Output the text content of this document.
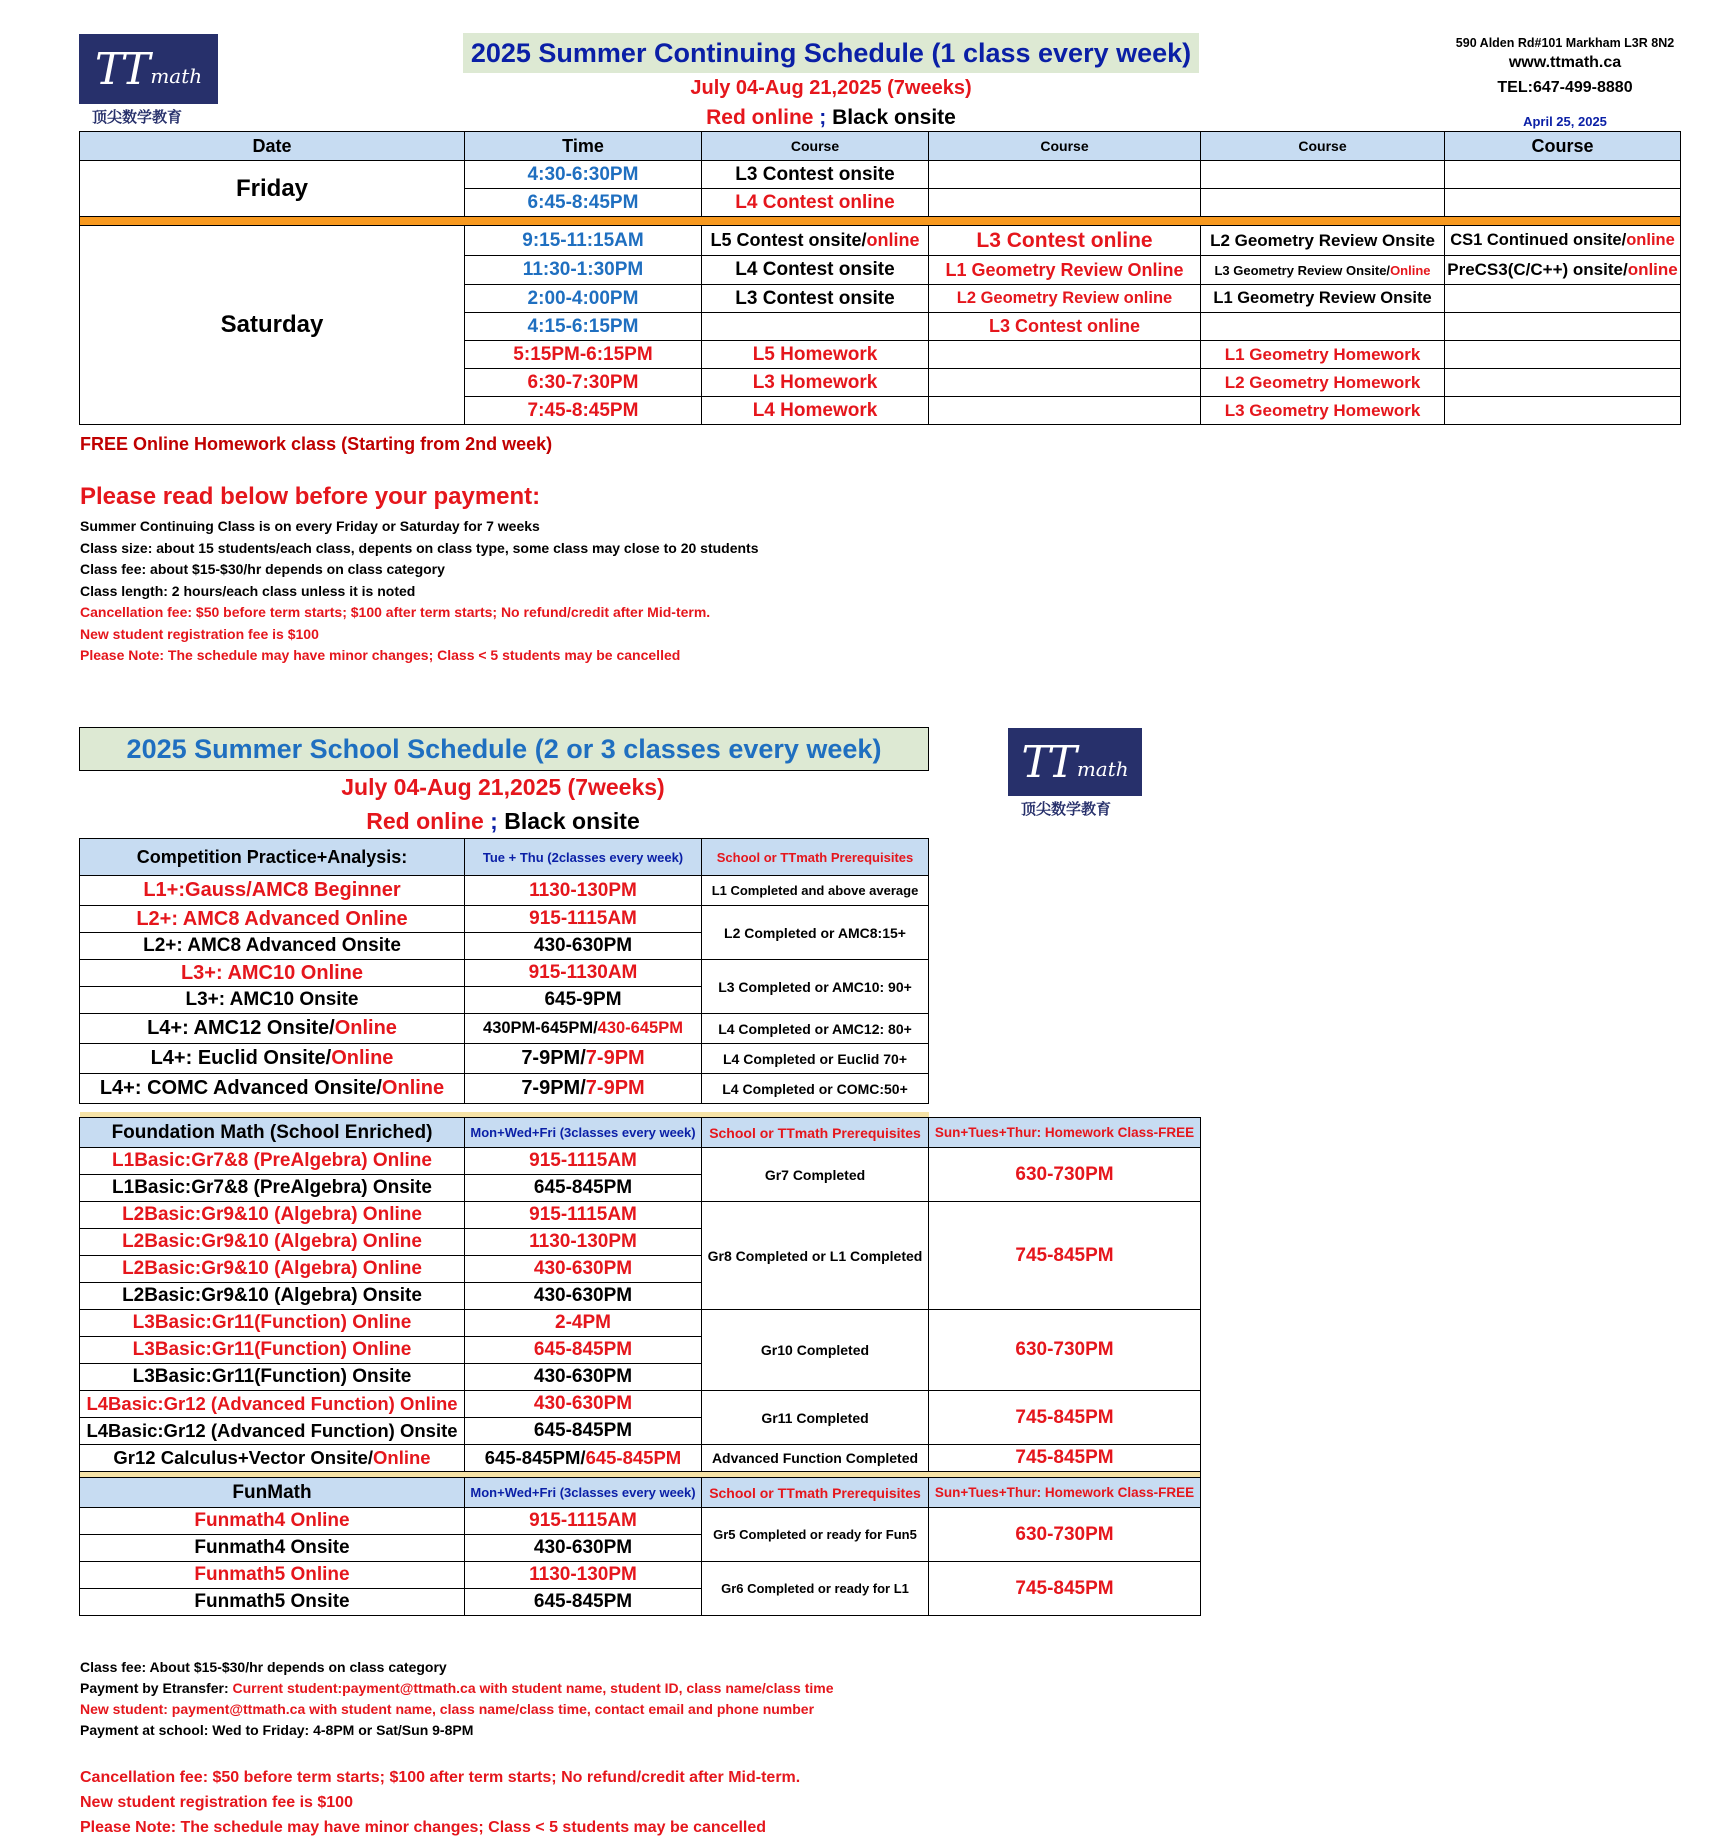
TT math
顶尖数学教育
2025 Summer Continuing Schedule (1 class every week)
July 04-Aug 21,2025 (7weeks)
Red online ; Black onsite
590 Alden Rd#101 Markham L3R 8N2
www.ttmath.ca
TEL:647-499-8880
April 25, 2025
Date	Time	Course	Course	Course	Course
Friday	4:30-6:30PM	L3 Contest onsite			
	6:45-8:45PM	L4 Contest online			

Saturday	9:15-11:15AM	L5 Contest onsite/online	L3 Contest online	L2 Geometry Review Onsite	CS1 Continued onsite/online
	11:30-1:30PM	L4 Contest onsite	L1 Geometry Review Online	L3 Geometry Review Onsite/Online	PreCS3(C/C++) onsite/online
	2:00-4:00PM	L3 Contest onsite	L2 Geometry Review online	L1 Geometry Review Onsite	
	4:15-6:15PM		L3 Contest online		
	5:15PM-6:15PM	L5 Homework		L1 Geometry Homework	
	6:30-7:30PM	L3 Homework		L2 Geometry Homework	
	7:45-8:45PM	L4 Homework		L3 Geometry Homework	
FREE Online Homework class (Starting from 2nd week)
Please read below before your payment:
Summer Continuing Class is on every Friday or Saturday for 7 weeks
Class size: about 15 students/each class, depents on class type, some class may close to 20 students
Class fee: about $15-$30/hr depends on class category
Class length: 2 hours/each class unless it is noted
Cancellation fee: $50 before term starts; $100 after term starts; No refund/credit after Mid-term.
New student registration fee is $100
Please Note: The schedule may have minor changes; Class < 5 students may be cancelled
2025 Summer School Schedule (2 or 3 classes every week)
July 04-Aug 21,2025 (7weeks)
Red online ; Black onsite
TT math
顶尖数学教育
Competition Practice+Analysis:	Tue + Thu (2classes every week)	School or TTmath Prerequisites
L1+:Gauss/AMC8 Beginner	1130-130PM	L1 Completed and above average
L2+: AMC8 Advanced Online	915-1115AM	L2 Completed or AMC8:15+
L2+: AMC8 Advanced Onsite	430-630PM	
L3+: AMC10 Online	915-1130AM	L3 Completed or AMC10: 90+
L3+: AMC10 Onsite	645-9PM	
L4+: AMC12 Onsite/Online	430PM-645PM/430-645PM	L4 Completed or AMC12: 80+
L4+: Euclid Onsite/Online	7-9PM/7-9PM	L4 Completed or Euclid 70+
L4+: COMC Advanced Onsite/Online	7-9PM/7-9PM	L4 Completed or COMC:50+

Foundation Math (School Enriched)	Mon+Wed+Fri (3classes every week)	School or TTmath Prerequisites	Sun+Tues+Thur: Homework Class-FREE
L1Basic:Gr7&8 (PreAlgebra) Online	915-1115AM	Gr7 Completed	630-730PM
L1Basic:Gr7&8 (PreAlgebra) Onsite	645-845PM		
L2Basic:Gr9&10 (Algebra) Online	915-1115AM	Gr8 Completed or L1 Completed	745-845PM
L2Basic:Gr9&10 (Algebra) Online	1130-130PM		
L2Basic:Gr9&10 (Algebra) Online	430-630PM		
L2Basic:Gr9&10 (Algebra) Onsite	430-630PM		
L3Basic:Gr11(Function) Online	2-4PM	Gr10 Completed	630-730PM
L3Basic:Gr11(Function) Online	645-845PM		
L3Basic:Gr11(Function) Onsite	430-630PM		
L4Basic:Gr12 (Advanced Function) Online	430-630PM	Gr11 Completed	745-845PM
L4Basic:Gr12 (Advanced Function) Onsite	645-845PM		
Gr12 Calculus+Vector Onsite/Online	645-845PM/645-845PM	Advanced Function Completed	745-845PM

FunMath	Mon+Wed+Fri (3classes every week)	School or TTmath Prerequisites	Sun+Tues+Thur: Homework Class-FREE
Funmath4 Online	915-1115AM	Gr5 Completed or ready for Fun5	630-730PM
Funmath4 Onsite	430-630PM		
Funmath5 Online	1130-130PM	Gr6 Completed or ready for L1	745-845PM
Funmath5 Onsite	645-845PM		
Class fee: About $15-$30/hr depends on class category
Payment by Etransfer: Current student:payment@ttmath.ca with student name, student ID, class name/class time
New student: payment@ttmath.ca with student name, class name/class time, contact email and phone number
Payment at school: Wed to Friday: 4-8PM or Sat/Sun 9-8PM
Cancellation fee: $50 before term starts; $100 after term starts; No refund/credit after Mid-term.
New student registration fee is $100
Please Note: The schedule may have minor changes; Class < 5 students may be cancelled
